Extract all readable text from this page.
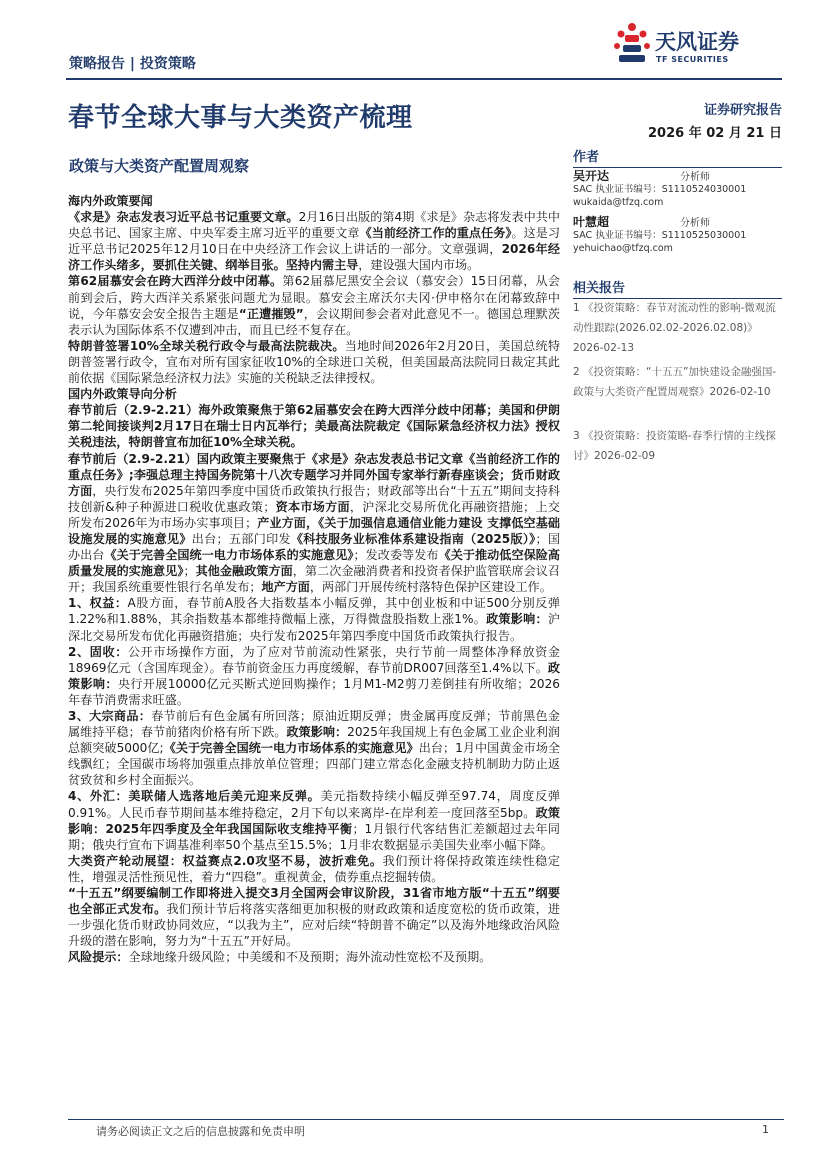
策略报告 | 投资策略
春节全球大事与大类资产梳理
政策与大类资产配置周观察
天风证券
TF SECURITIES
证券研究报告
2026 年 02 月 21 日
作者
吴开达	分析师
SAC 执业证书编号：S1110524030001
wukaida@tfzq.com
叶慧超	分析师
SAC 执业证书编号：S1110525030001
yehuichao@tfzq.com
相关报告
1 《投资策略：春节对流动性的影响-微观流动性跟踪(2026.02.02-2026.02.08)》2026-02-13
2 《投资策略：“十五五”加快建设金融强国-政策与大类资产配置周观察》2026-02-10
3 《投资策略：投资策略-春季行情的主线探讨》2026-02-09

海内外政策要闻

《求是》杂志发表习近平总书记重要文章。2月16日出版的第4期《求是》杂志将发表中共中央总书记、国家主席、中央军委主席习近平的重要文章《当前经济工作的重点任务》。这是习近平总书记2025年12月10日在中央经济工作会议上讲话的一部分。文章强调，2026年经济工作头绪多，要抓住关键、纲举目张。坚持内需主导，建设强大国内市场。

第62届慕安会在跨大西洋分歧中闭幕。第62届慕尼黑安全会议（慕安会）15日闭幕，从会前到会后，跨大西洋关系紧张问题尤为显眼。慕安会主席沃尔夫冈·伊申格尔在闭幕致辞中说，今年慕安会安全报告主题是“正遭摧毁”，会议期间参会者对此意见不一。德国总理默茨表示认为国际体系不仅遭到冲击，而且已经不复存在。

特朗普签署10%全球关税行政令与最高法院裁决。当地时间2026年2月20日，美国总统特朗普签署行政令，宣布对所有国家征收10%的全球进口关税，但美国最高法院同日裁定其此前依据《国际紧急经济权力法》实施的关税缺乏法律授权。

国内外政策导向分析

春节前后（2.9-2.21）海外政策聚焦于第62届慕安会在跨大西洋分歧中闭幕；美国和伊朗第二轮间接谈判2月17日在瑞士日内瓦举行；美最高法院裁定《国际紧急经济权力法》授权关税违法，特朗普宣布加征10%全球关税。

春节前后（2.9-2.21）国内政策主要聚焦于《求是》杂志发表总书记文章《当前经济工作的重点任务》;李强总理主持国务院第十八次专题学习并同外国专家举行新春座谈会；货币财政方面，央行发布2025年第四季度中国货币政策执行报告；财政部等出台“十五五”期间支持科技创新&种子种源进口税收优惠政策；资本市场方面，沪深北交易所优化再融资措施；上交所发布2026年为市场办实事项目；产业方面，《关于加强信息通信业能力建设 支撑低空基础设施发展的实施意见》出台；五部门印发《科技服务业标准体系建设指南（2025版）》；国办出台《关于完善全国统一电力市场体系的实施意见》；发改委等发布《关于推动低空保险高质量发展的实施意见》；其他金融政策方面，第二次金融消费者和投资者保护监管联席会议召开；我国系统重要性银行名单发布；地产方面，两部门开展传统村落特色保护区建设工作。

1、权益：A股方面，春节前A股各大指数基本小幅反弹，其中创业板和中证500分别反弹1.22%和1.88%，其余指数基本都维持微幅上涨，万得微盘股指数上涨1%。政策影响：沪深北交易所发布优化再融资措施；央行发布2025年第四季度中国货币政策执行报告。

2、固收：公开市场操作方面，为了应对节前流动性紧张，央行节前一周整体净释放资金18969亿元（含国库现金）。春节前资金压力再度缓解，春节前DR007回落至1.4%以下。政策影响：央行开展10000亿元买断式逆回购操作；1月M1-M2剪刀差倒挂有所收缩；2026年春节消费需求旺盛。

3、大宗商品：春节前后有色金属有所回落；原油近期反弹；贵金属再度反弹；节前黑色金属维持平稳；春节前猪肉价格有所下跌。政策影响：2025年我国规上有色金属工业企业利润总额突破5000亿;《关于完善全国统一电力市场体系的实施意见》出台；1月中国黄金市场全线飘红；全国碳市场将加强重点排放单位管理；四部门建立常态化金融支持机制助力防止返贫致贫和乡村全面振兴。

4、外汇：美联储人选落地后美元迎来反弹。美元指数持续小幅反弹至97.74，周度反弹0.91%。人民币春节期间基本维持稳定，2月下旬以来离岸-在岸利差一度回落至5bp。政策影响：2025年四季度及全年我国国际收支维持平衡；1月银行代客结售汇差额超过去年同期；俄央行宣布下调基准利率50个基点至15.5%；1月非农数据显示美国失业率小幅下降。

大类资产轮动展望：权益赛点2.0攻坚不易，波折难免。我们预计将保持政策连续性稳定性，增强灵活性预见性，着力“四稳”。重视黄金，债券重点挖掘转债。

“十五五”纲要编制工作即将进入提交3月全国两会审议阶段，31省市地方版“十五五”纲要也全部正式发布。我们预计节后将落实落细更加积极的财政政策和适度宽松的货币政策，进一步强化货币财政协同效应，“以我为主”，应对后续“特朗普不确定”以及海外地缘政治风险升级的潜在影响，努力为“十五五”开好局。

风险提示：全球地缘升级风险；中美缓和不及预期；海外流动性宽松不及预期。

请务必阅读正文之后的信息披露和免责申明	1
